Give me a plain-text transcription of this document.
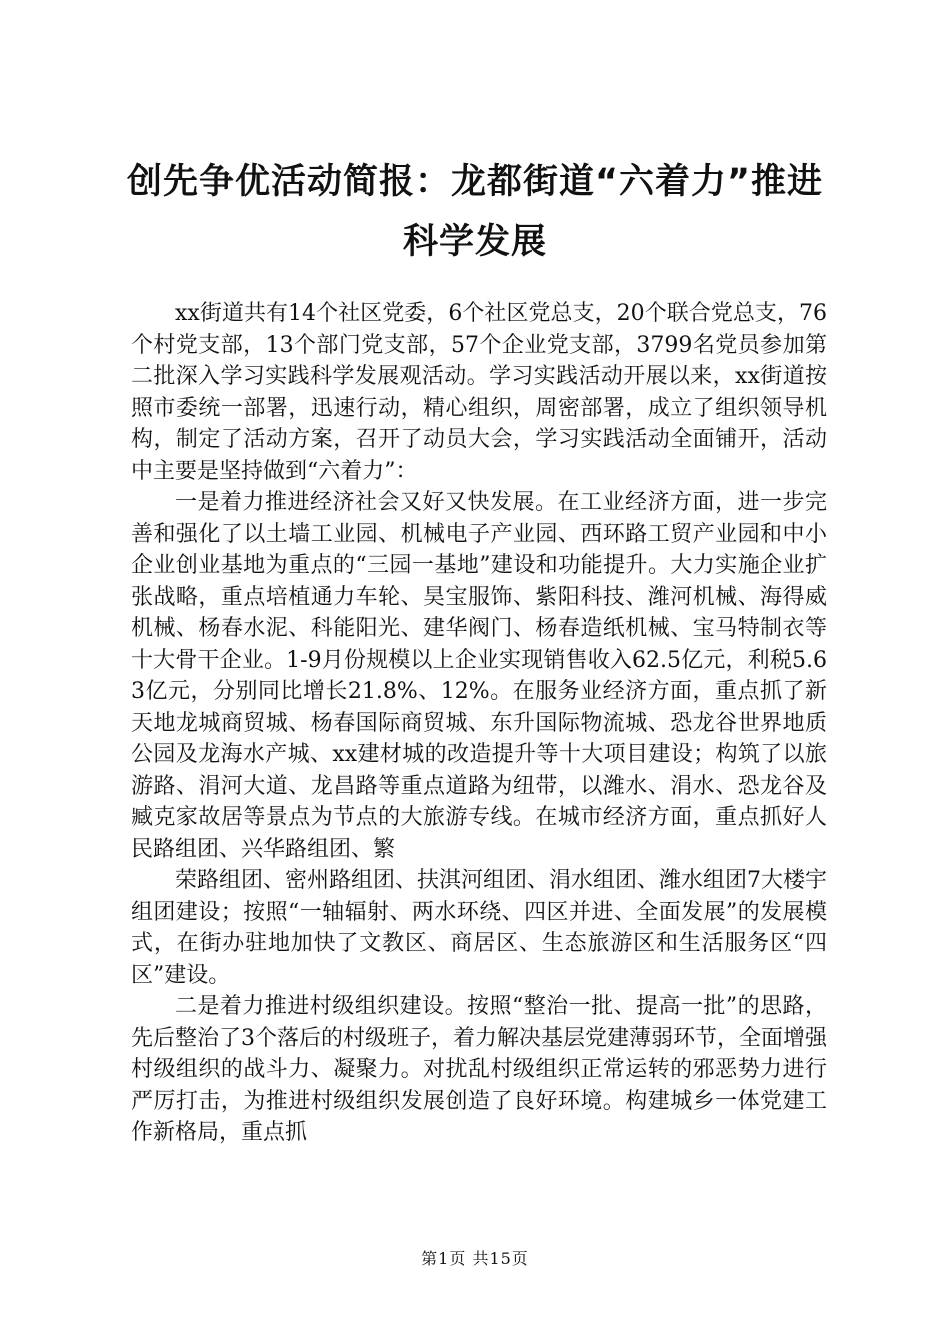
创先争优活动简报：龙都街道“六着力”推进
科学发展

xx街道共有14个社区党委，6个社区党总支，20个联合党总支，76个村党支部，13个部门党支部，57个企业党支部，3799名党员参加第二批深入学习实践科学发展观活动。学习实践活动开展以来，xx街道按照市委统一部署，迅速行动，精心组织，周密部署，成立了组织领导机构，制定了活动方案，召开了动员大会，学习实践活动全面铺开，活动中主要是坚持做到“六着力”：

一是着力推进经济社会又好又快发展。在工业经济方面，进一步完善和强化了以土墙工业园、机械电子产业园、西环路工贸产业园和中小企业创业基地为重点的“三园一基地”建设和功能提升。大力实施企业扩张战略，重点培植通力车轮、昊宝服饰、紫阳科技、潍河机械、海得威机械、杨春水泥、科能阳光、建华阀门、杨春造纸机械、宝马特制衣等十大骨干企业。1-9月份规模以上企业实现销售收入62.5亿元，利税5.63亿元，分别同比增长21.8%、12%。在服务业经济方面，重点抓了新天地龙城商贸城、杨春国际商贸城、东升国际物流城、恐龙谷世界地质公园及龙海水产城、xx建材城的改造提升等十大项目建设；构筑了以旅游路、涓河大道、龙昌路等重点道路为纽带，以潍水、涓水、恐龙谷及臧克家故居等景点为节点的大旅游专线。在城市经济方面，重点抓好人民路组团、兴华路组团、繁

荣路组团、密州路组团、扶淇河组团、涓水组团、潍水组团7大楼宇组团建设；按照“一轴辐射、两水环绕、四区并进、全面发展”的发展模式，在街办驻地加快了文教区、商居区、生态旅游区和生活服务区“四区”建设。

二是着力推进村级组织建设。按照“整治一批、提高一批”的思路，先后整治了3个落后的村级班子，着力解决基层党建薄弱环节，全面增强村级组织的战斗力、凝聚力。对扰乱村级组织正常运转的邪恶势力进行严厉打击，为推进村级组织发展创造了良好环境。构建城乡一体党建工作新格局，重点抓

第1页 共15页
